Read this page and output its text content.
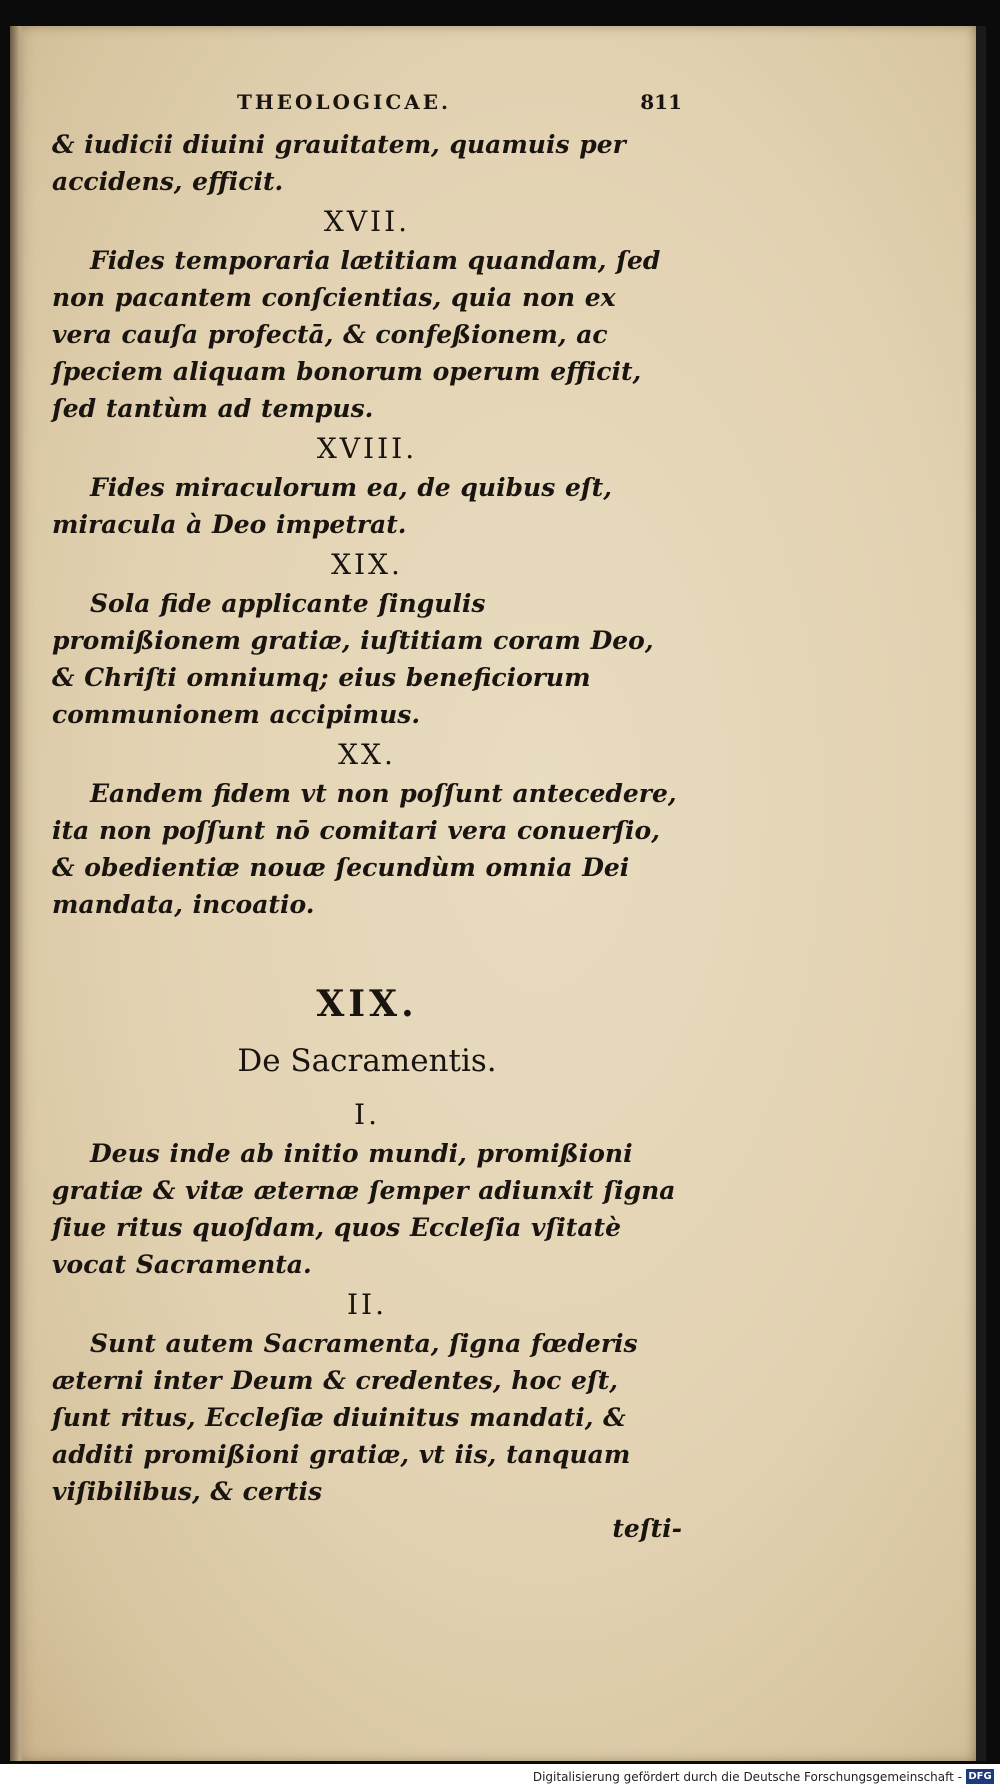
THEOLOGICAE.	811

& iudicii diuini grauitatem, quamuis per accidens, efficit.

XVII.

Fides temporaria lætitiam quandam, ſed non pacantem conſcientias, quia non ex vera cauſa profectā, & confeßionem, ac ſpeciem aliquam bonorum operum efficit, ſed tantùm ad tempus.

XVIII.

Fides miraculorum ea, de quibus eſt, miracula à Deo impetrat.

XIX.

Sola fide applicante ſingulis promißionem gratiæ, iuſtitiam coram Deo, & Chriſti omniumq; eius beneficiorum communionem accipimus.

XX.

Eandem fidem vt non poſſunt antecedere, ita non poſſunt nō comitari vera conuerſio, & obedientiæ nouæ ſecundùm omnia Dei mandata, incoatio.

XIX.
De Sacramentis.
I.

Deus inde ab initio mundi, promißioni gratiæ & vitæ æternæ ſemper adiunxit ſigna ſiue ritus quoſdam, quos Eccleſia vſitatè vocat Sacramenta.

II.

Sunt autem Sacramenta, ſigna fœderis æterni inter Deum & credentes, hoc eſt, ſunt ritus, Eccleſiæ diuinitus mandati, & additi promißioni gratiæ, vt iis, tanquam viſibilibus, & certis

teſti-

Digitalisierung gefördert durch die Deutsche Forschungsgemeinschaft - DFG
